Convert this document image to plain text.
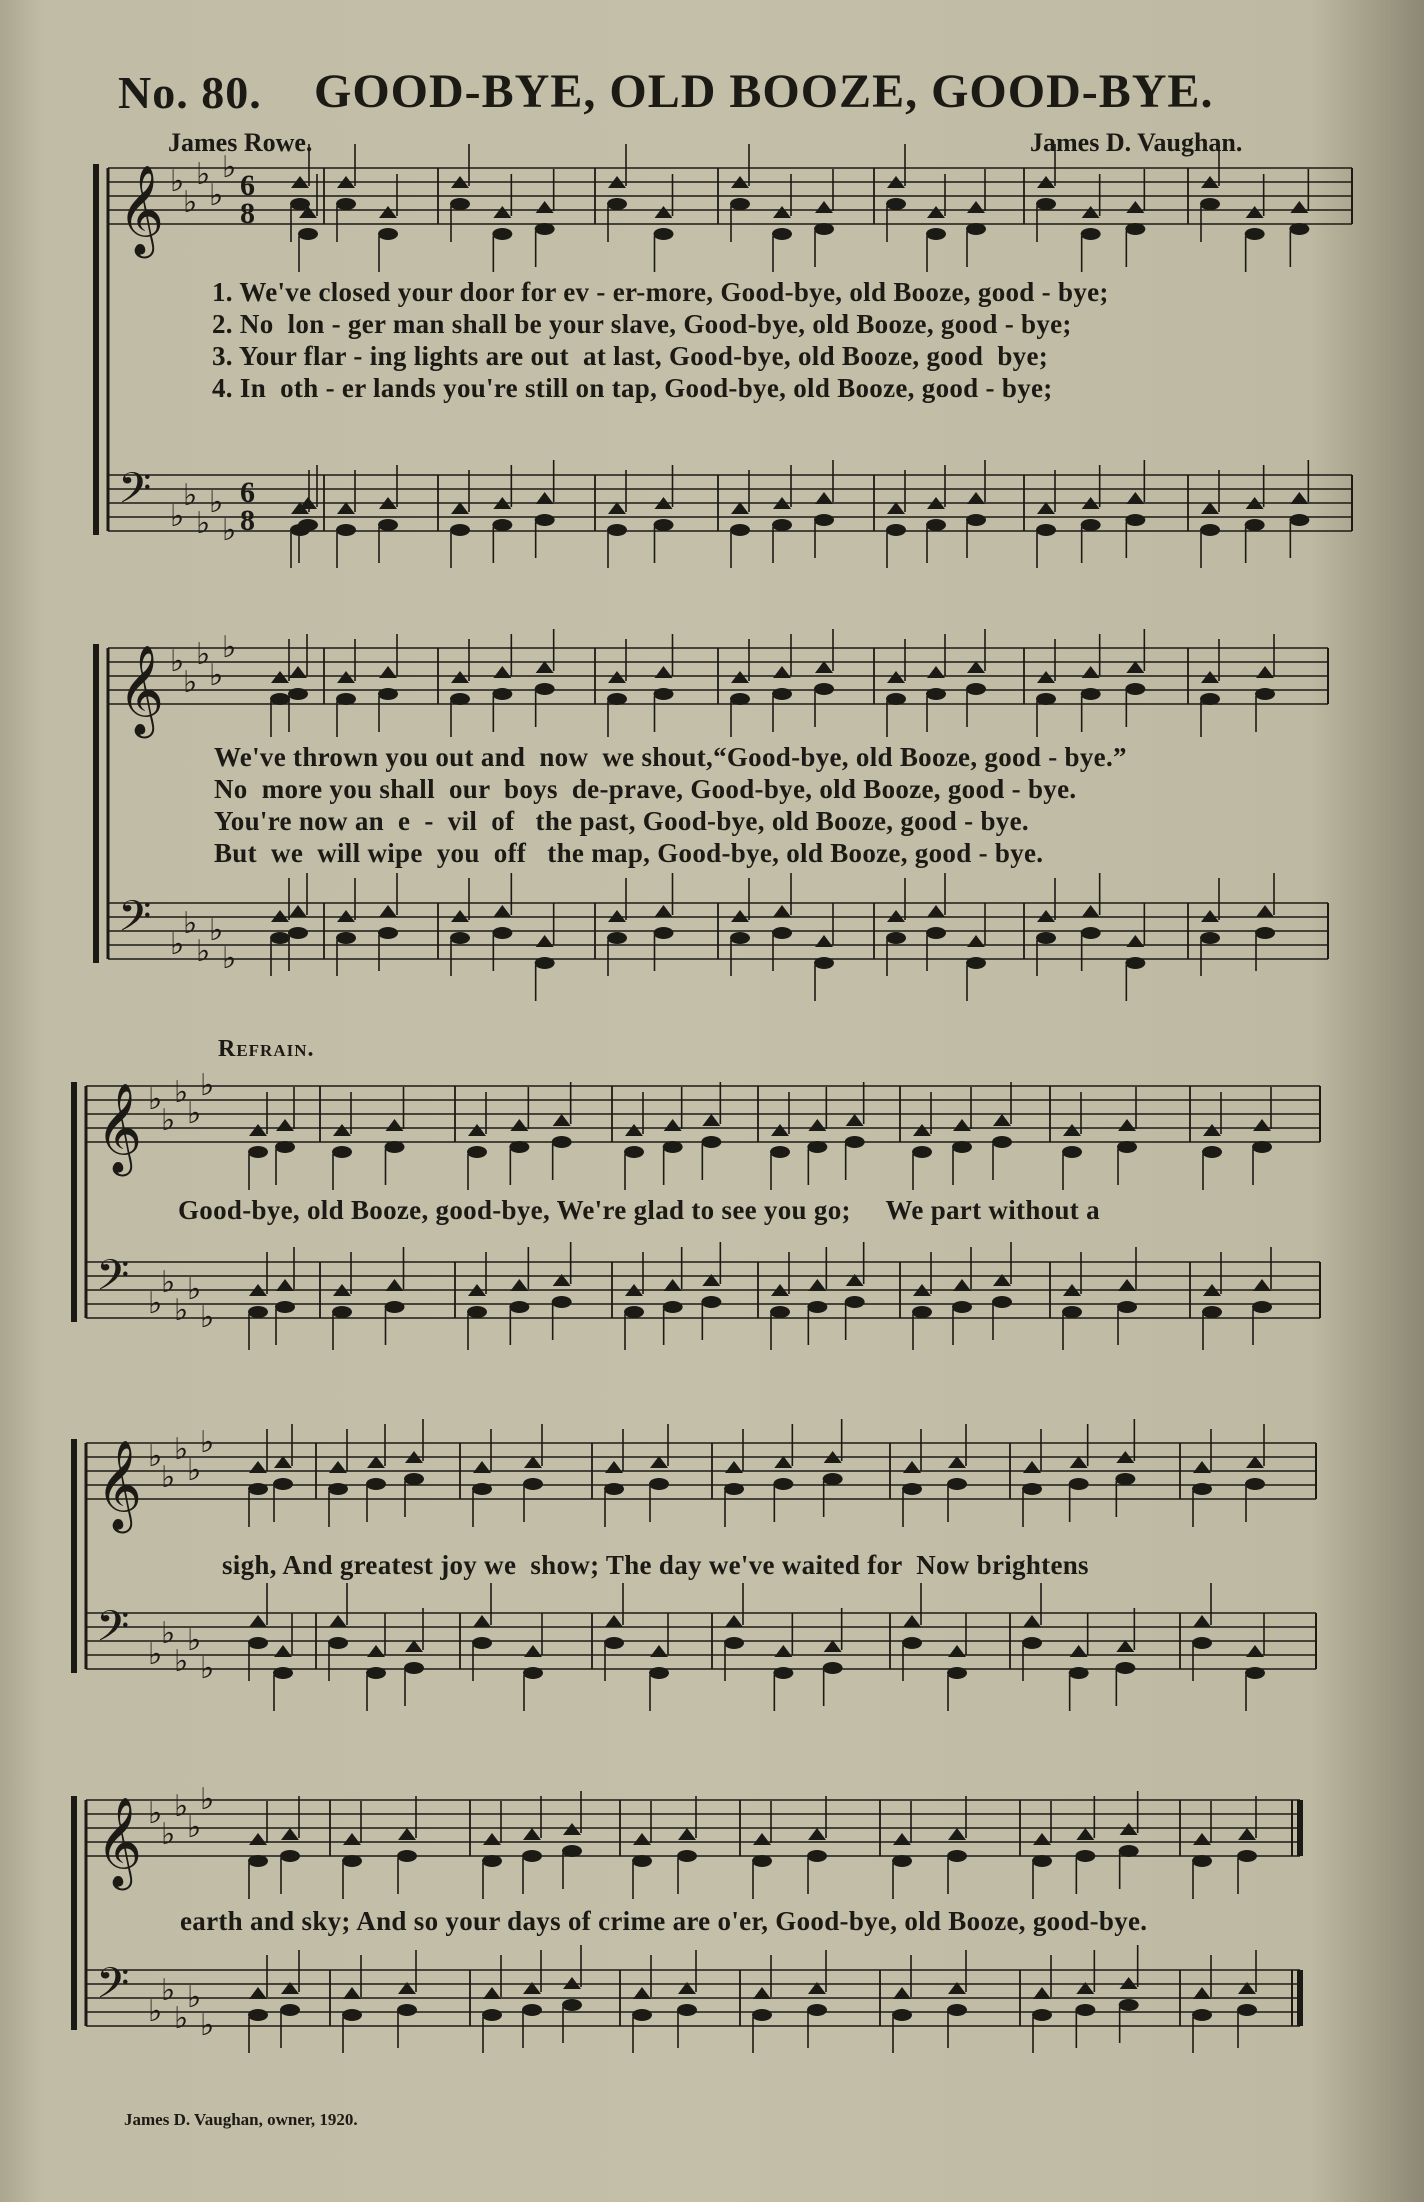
No. 80. GOOD-BYE, OLD BOOZE, GOOD-BYE.
James Rowe.	James D. Vaughan.
𝄞 ♭
♭
♭
♭
♭
6
8
𝄢 ♭
♭
♭
♭
♭
6
8
𝄞 ♭
♭
♭
♭
♭
𝄢 ♭
♭
♭
♭
♭
𝄞 ♭
♭
♭
♭
♭
𝄢 ♭
♭
♭
♭
♭
𝄞 ♭
♭
♭
♭
♭
𝄢 ♭
♭
♭
♭
♭
𝄞 ♭
♭
♭
♭
♭
𝄢 ♭
♭
♭
♭
♭
1. We've closed your door for ev - er-more, Good-bye, old Booze, good - bye;
2. No  lon - ger man shall be your slave, Good-bye, old Booze, good - bye;
3. Your flar - ing lights are out  at last, Good-bye, old Booze, good  bye;
4. In  oth - er lands you're still on tap, Good-bye, old Booze, good - bye;
We've thrown you out and  now  we shout,“Good-bye, old Booze, good - bye.”
No  more you shall  our  boys  de-prave, Good-bye, old Booze, good - bye.
You're now an  e  -  vil  of   the past, Good-bye, old Booze, good - bye.
But  we  will wipe  you  off   the map, Good-bye, old Booze, good - bye.
Refrain.
Good-bye, old Booze, good-bye, We're glad to see you go;     We part without a
sigh, And greatest joy we  show; The day we've waited for  Now brightens
earth and sky; And so your days of crime are o'er, Good-bye, old Booze, good-bye.
James D. Vaughan, owner, 1920.
